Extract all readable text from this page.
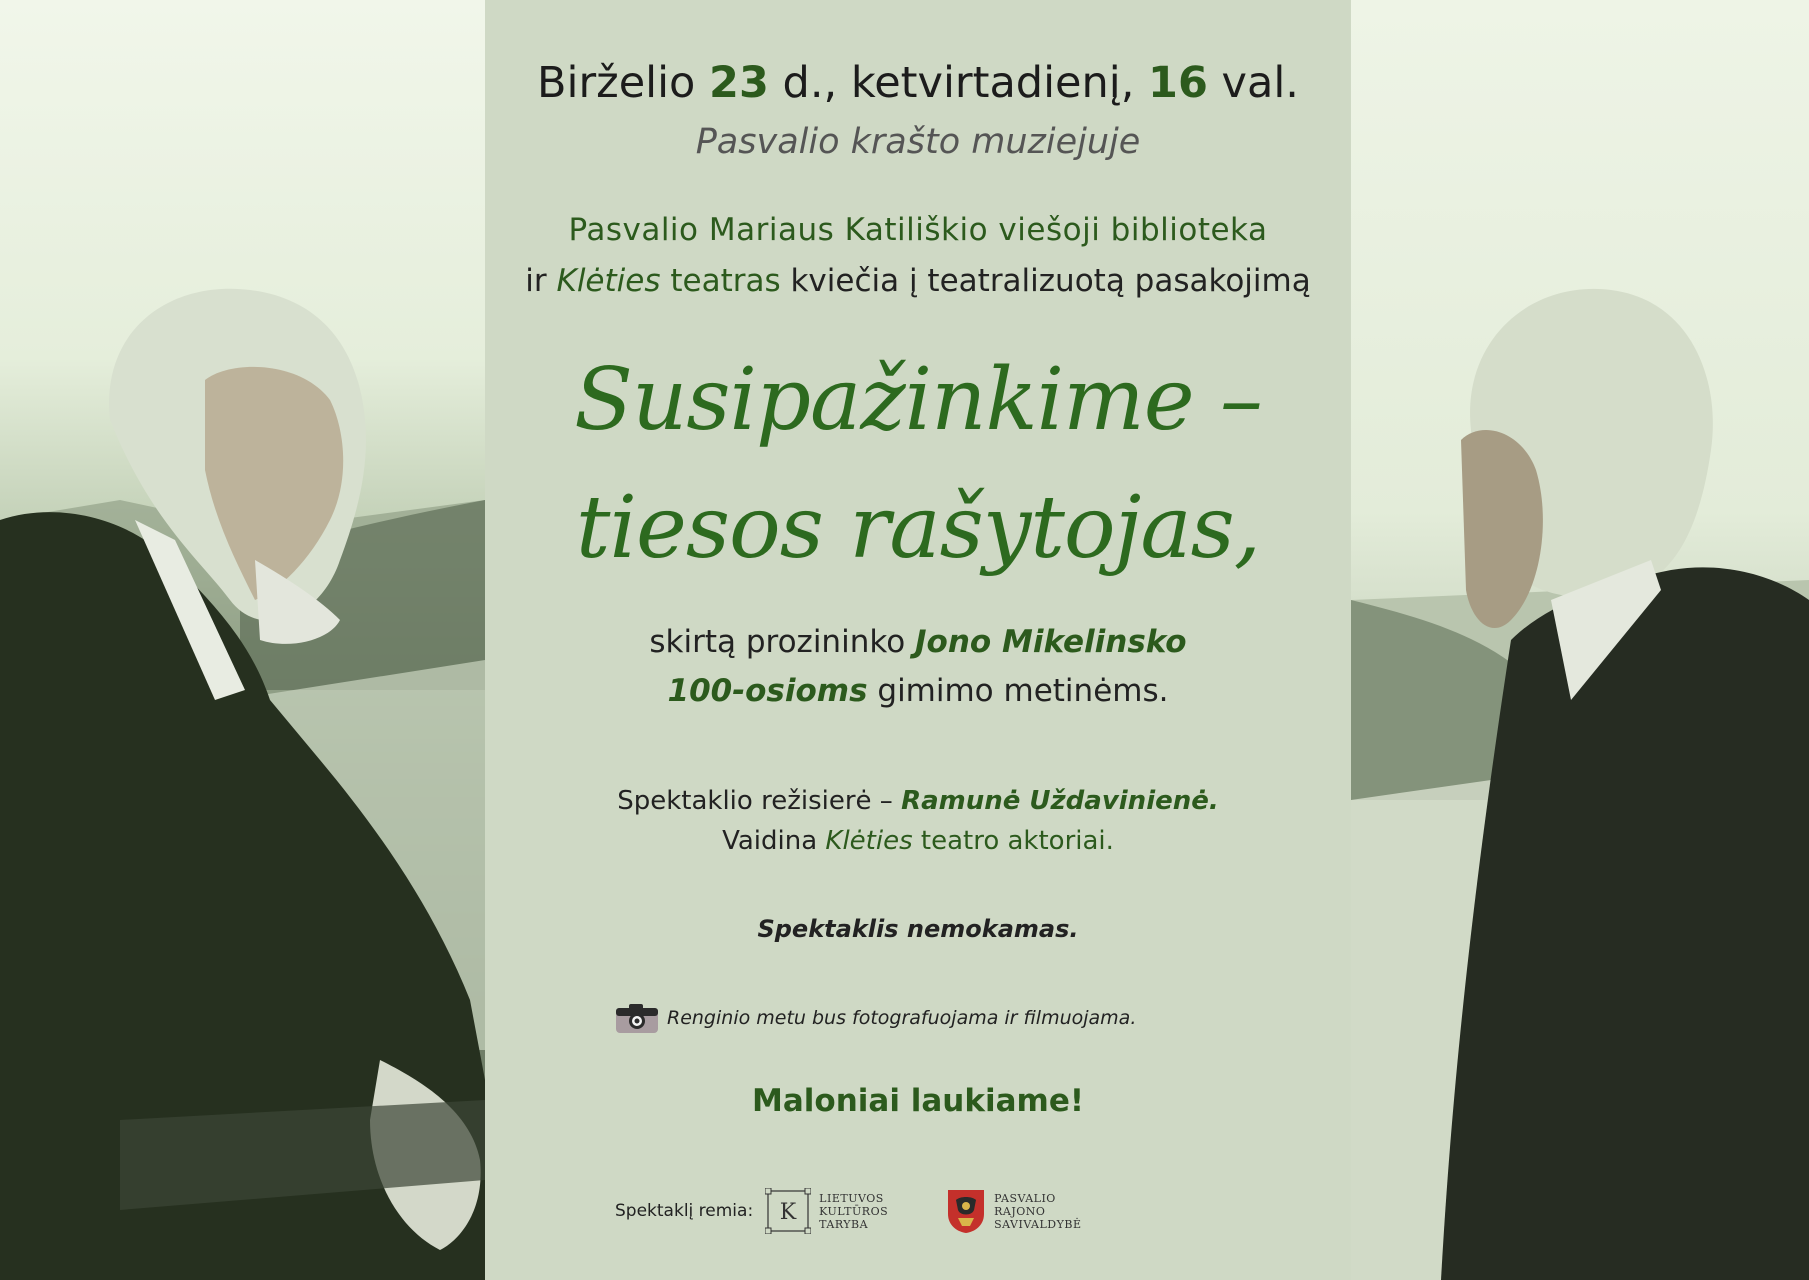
Birželio 23 d., ketvirtadienį, 16 val.
Pasvalio krašto muziejuje
Pasvalio Mariaus Katiliškio viešoji biblioteka
ir Klėties teatras kviečia į teatralizuotą pasakojimą
Susipažinkime –
tiesos rašytojas,
skirtą prozininko Jono Mikelinsko
100-osioms gimimo metinėms.
Spektaklio režisierė – Ramunė Uždavinienė.
Vaidina Klėties teatro aktoriai.
Spektaklis nemokamas.
Renginio metu bus fotografuojama ir filmuojama.
Maloniai laukiame!
Spektaklį remia: K
LIETUVOS
KULTŪROS
TARYBA
PASVALIO
RAJONO
SAVIVALDYBĖ
